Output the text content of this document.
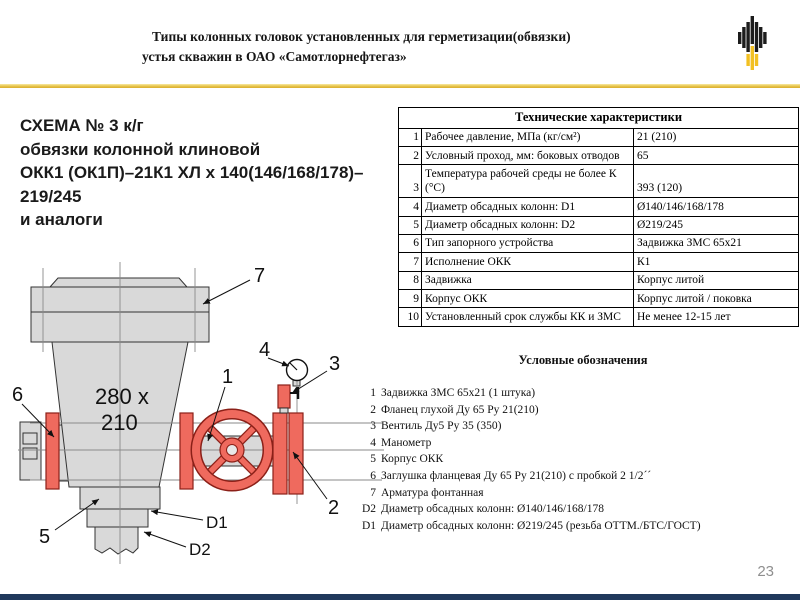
Типы колонных головок установленных для герметизации(обвязки)
устья скважин в ОАО «Самотлорнефтегаз»
СХЕМА № 3 к/г
обвязки колонной клиновой
ОКК1 (ОК1П)–21К1 ХЛ х 140(146/168/178)–
219/245
и аналоги
Технические характеристики		
1	Рабочее давление, МПа (кг/см²)	21 (210)
2	Условный проход, мм: боковых отводов	65
3	Температура рабочей среды не более К (°С)	393 (120)
4	Диаметр обсадных колонн: D1	Ø140/146/168/178
5	Диаметр обсадных колонн: D2	Ø219/245
6	Тип запорного устройства	Задвижка ЗМС 65х21
7	Исполнение ОКК	К1
8	Задвижка	Корпус литой
9	Корпус ОКК	Корпус литой / поковка
10	Установленный срок службы КК и ЗМС	Не менее 12-15 лет
Условные обозначения
1 Задвижка ЗМС 65х21 (1 штука)
2 Фланец глухой Ду 65 Ру 21(210)
3 Вентиль Ду5 Ру 35 (350)
4 Манометр
5 Корпус ОКК
6 Заглушка фланцевая Ду 65 Ру 21(210) с пробкой 2 1/2´´
7 Арматура фонтанная
D2 Диаметр обсадных колонн: Ø140/146/168/178
D1 Диаметр обсадных колонн: Ø219/245 (резьба ОТТМ./БТС/ГОСТ)
280 х
210
7
6
5
1
4
3
2
D1
D2
23
